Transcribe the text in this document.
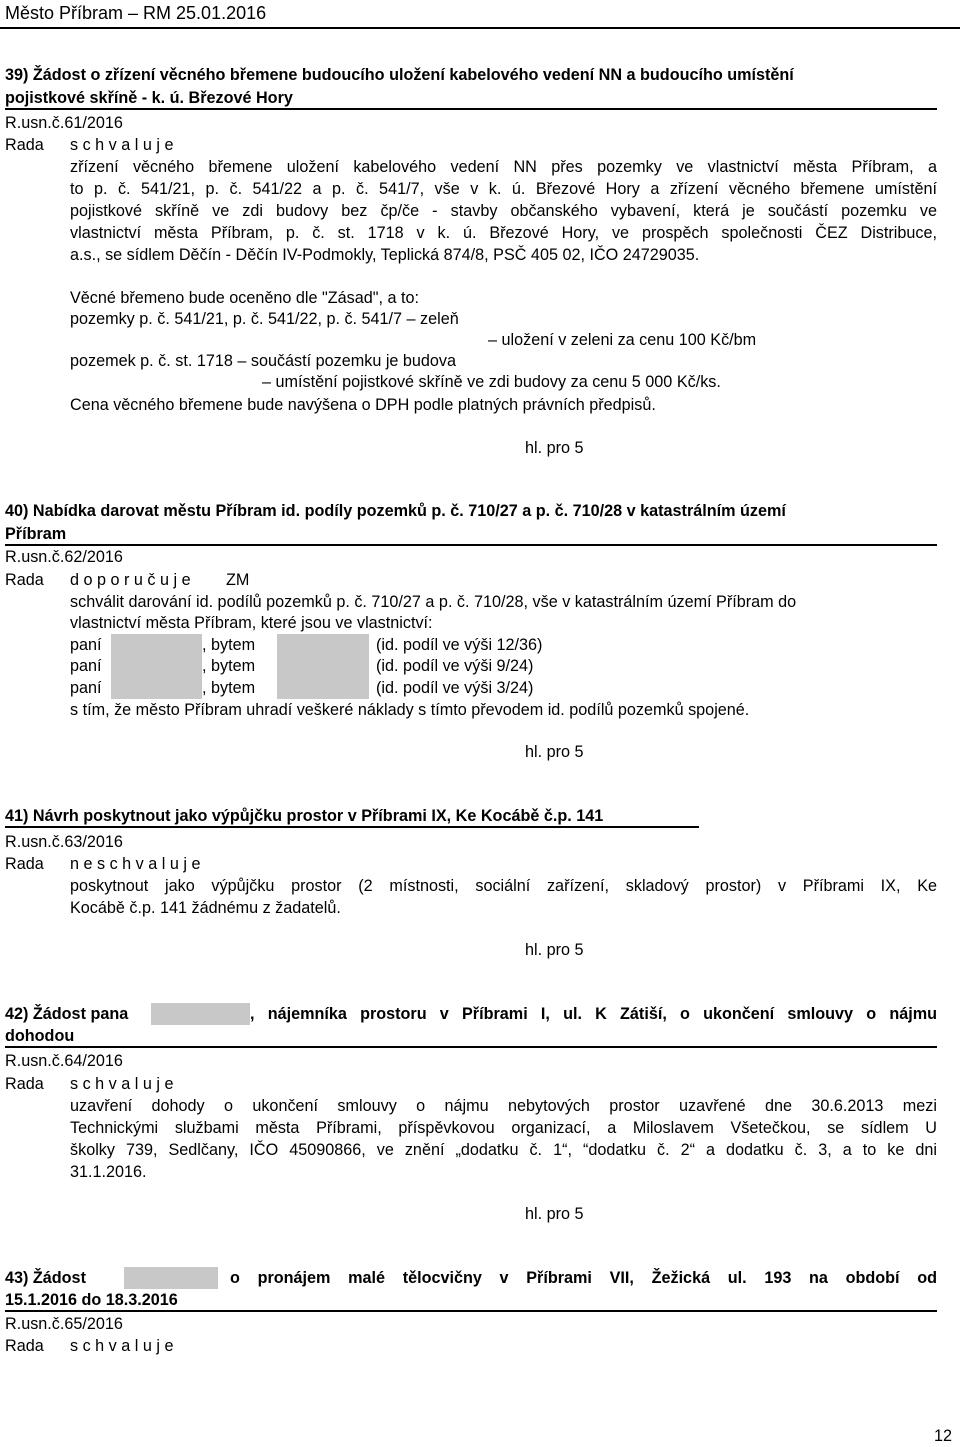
Město Příbram – RM 25.01.2016
39) Žádost o zřízení věcného břemene budoucího uložení kabelového vedení NN a budoucího umístění
pojistkové skříně - k. ú. Březové Hory
R.usn.č.61/2016
Rada s c h v a l u j e
zřízení věcného břemene uložení kabelového vedení NN přes pozemky ve vlastnictví města Příbram, a
to p. č. 541/21, p. č. 541/22 a p. č. 541/7, vše v k. ú. Březové Hory a zřízení věcného břemene umístění
pojistkové skříně ve zdi budovy bez čp/če - stavby občanského vybavení, která je součástí pozemku ve
vlastnictví města Příbram, p. č. st. 1718 v k. ú. Březové Hory, ve prospěch společnosti ČEZ Distribuce,
a.s., se sídlem Děčín - Děčín IV-Podmokly, Teplická 874/8, PSČ 405 02, IČO 24729035.
Věcné břemeno bude oceněno dle "Zásad", a to:
pozemky p. č. 541/21, p. č. 541/22, p. č. 541/7 – zeleň
– uložení v zeleni za cenu 100 Kč/bm
pozemek p. č. st. 1718 – součástí pozemku je budova
– umístění pojistkové skříně ve zdi budovy za cenu 5 000 Kč/ks.
Cena věcného břemene bude navýšena o DPH podle platných právních předpisů.
hl. pro 5
40) Nabídka darovat městu Příbram id. podíly pozemků p. č. 710/27 a p. č. 710/28 v katastrálním území
Příbram
R.usn.č.62/2016
Rada d o p o r u č u j e ZM
schválit darování id. podílů pozemků p. č. 710/27 a p. č. 710/28, vše v katastrálním území Příbram do
vlastnictví města Příbram, které jsou ve vlastnictví:
paní	, bytem	(id. podíl ve výši 12/36)
paní	, bytem	(id. podíl ve výši 9/24)
paní	, bytem	(id. podíl ve výši 3/24)
s tím, že město Příbram uhradí veškeré náklady s tímto převodem id. podílů pozemků spojené.
hl. pro 5
41) Návrh poskytnout jako výpůjčku prostor v Příbrami IX, Ke Kocábě č.p. 141
R.usn.č.63/2016
Rada n e s c h v a l u j e
poskytnout jako výpůjčku prostor (2 místnosti, sociální zařízení, skladový prostor) v Příbrami IX, Ke
Kocábě č.p. 141 žádnému z žadatelů.
hl. pro 5
42) Žádost pana	, nájemníka prostoru v Příbrami I, ul. K Zátiší, o ukončení smlouvy o nájmu
dohodou
R.usn.č.64/2016
Rada s c h v a l u j e
uzavření dohody o ukončení smlouvy o nájmu nebytových prostor uzavřené dne 30.6.2013 mezi
Technickými službami města Příbrami, příspěvkovou organizací, a Miloslavem Všetečkou, se sídlem U
školky 739, Sedlčany, IČO 45090866, ve znění „dodatku č. 1“, “dodatku č. 2“ a dodatku č. 3, a to ke dni
31.1.2016.
hl. pro 5
43) Žádost	o pronájem malé tělocvičny v Příbrami VII, Žežická ul. 193 na období od
15.1.2016 do 18.3.2016
R.usn.č.65/2016
Rada s c h v a l u j e
12
